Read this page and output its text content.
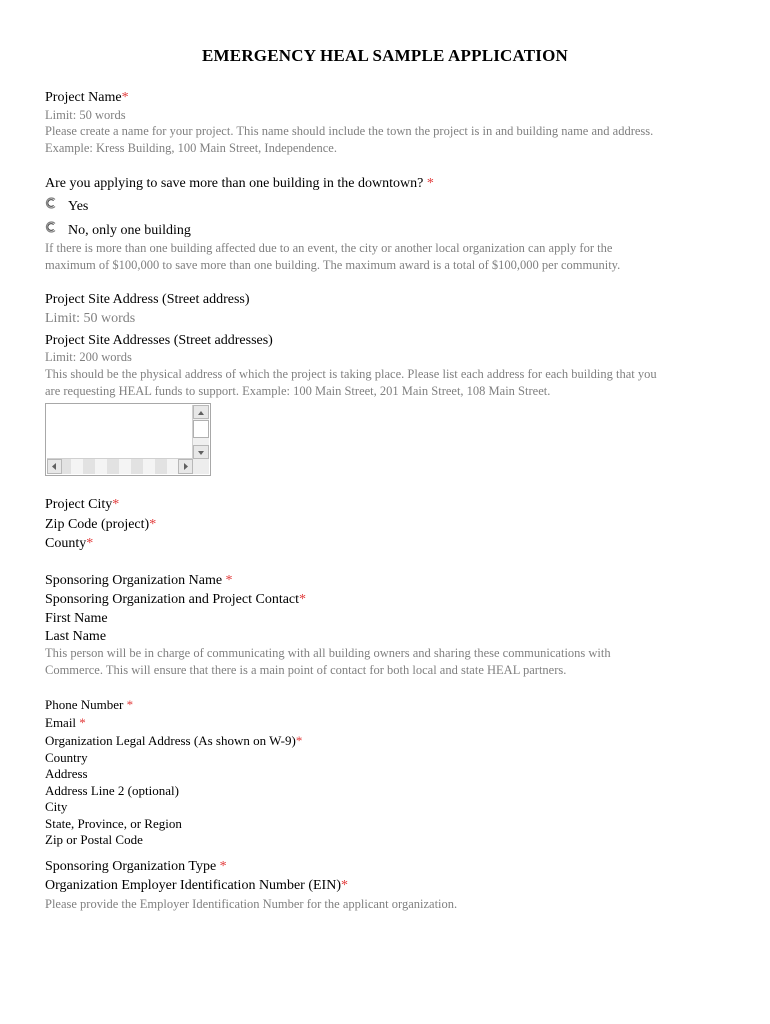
EMERGENCY HEAL SAMPLE APPLICATION
Project Name*
Limit: 50 words
Please create a name for your project. This name should include the town the project is in and building name and address.
Example: Kress Building, 100 Main Street, Independence.
Are you applying to save more than one building in the downtown? *
Yes
No, only one building
If there is more than one building affected due to an event, the city or another local organization can apply for the
maximum of $100,000 to save more than one building. The maximum award is a total of $100,000 per community.
Project Site Address (Street address)
Limit: 50 words
Project Site Addresses (Street addresses)
Limit: 200 words
This should be the physical address of which the project is taking place. Please list each address for each building that you
are requesting HEAL funds to support. Example: 100 Main Street, 201 Main Street, 108 Main Street.
Project City*
Zip Code (project)*
County*
Sponsoring Organization Name *
Sponsoring Organization and Project Contact*
First Name
Last Name
This person will be in charge of communicating with all building owners and sharing these communications with
Commerce. This will ensure that there is a main point of contact for both local and state HEAL partners.
Phone Number *
Email *
Organization Legal Address (As shown on W-9)*
Country
Address
Address Line 2 (optional)
City
State, Province, or Region
Zip or Postal Code
Sponsoring Organization Type *
Organization Employer Identification Number (EIN)*
Please provide the Employer Identification Number for the applicant organization.
